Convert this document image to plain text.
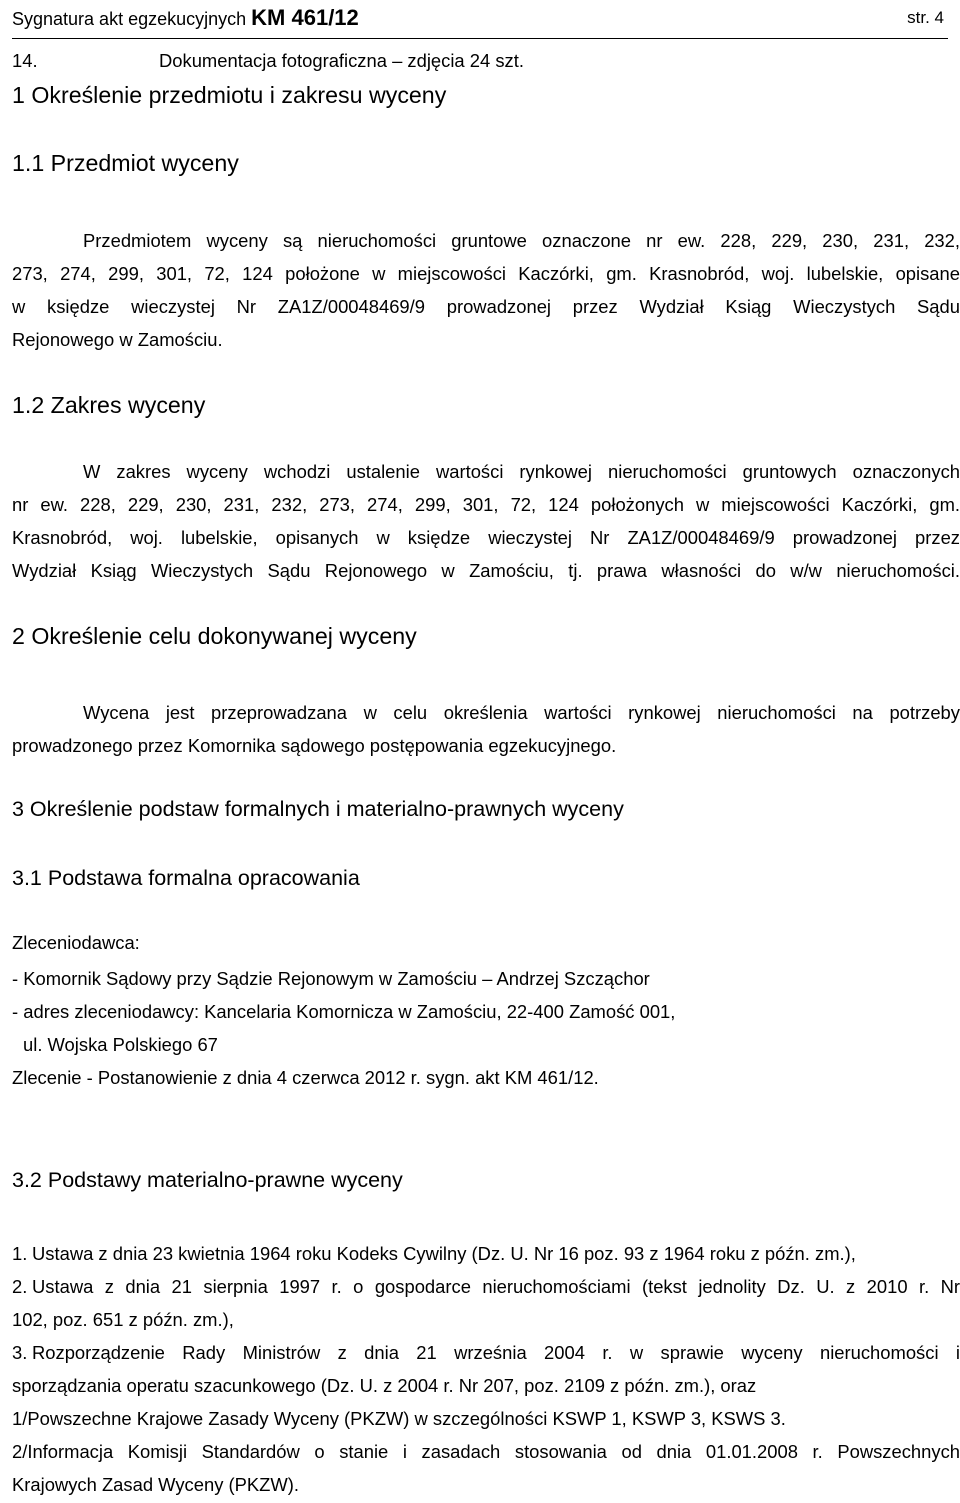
Sygnatura akt egzekucyjnych KM 461/12	str. 4
14.	Dokumentacja fotograficzna – zdjęcia 24 szt.
1 Określenie przedmiotu i zakresu wyceny
1.1 Przedmiot wyceny
Przedmiotem wyceny są nieruchomości gruntowe oznaczone nr ew. 228, 229, 230, 231, 232,
273, 274, 299, 301, 72, 124 położone w miejscowości Kaczórki, gm. Krasnobród, woj. lubelskie, opisane
w księdze wieczystej Nr ZA1Z/00048469/9 prowadzonej przez Wydział Ksiąg Wieczystych Sądu
Rejonowego w Zamościu.
1.2 Zakres wyceny
W zakres wyceny wchodzi ustalenie wartości rynkowej nieruchomości gruntowych oznaczonych
nr ew. 228, 229, 230, 231, 232, 273, 274, 299, 301, 72, 124 położonych w miejscowości Kaczórki, gm.
Krasnobród, woj. lubelskie, opisanych w księdze wieczystej Nr ZA1Z/00048469/9 prowadzonej przez
Wydział Ksiąg Wieczystych Sądu Rejonowego w Zamościu, tj. prawa własności do w/w nieruchomości.
2 Określenie celu dokonywanej wyceny
Wycena jest przeprowadzana w celu określenia wartości rynkowej nieruchomości na potrzeby
prowadzonego przez Komornika sądowego postępowania egzekucyjnego.
3 Określenie podstaw formalnych i materialno-prawnych wyceny
3.1 Podstawa formalna opracowania
Zleceniodawca:
- Komornik Sądowy przy Sądzie Rejonowym w Zamościu – Andrzej Szcząchor
- adres zleceniodawcy: Kancelaria Komornicza w Zamościu, 22-400 Zamość 001,
ul. Wojska Polskiego 67
Zlecenie - Postanowienie z dnia 4 czerwca 2012 r. sygn. akt KM 461/12.
3.2 Podstawy materialno-prawne wyceny
1. Ustawa z dnia 23 kwietnia 1964 roku Kodeks Cywilny (Dz. U. Nr 16 poz. 93 z 1964 roku z późn. zm.),
2. Ustawa z dnia 21 sierpnia 1997 r. o gospodarce nieruchomościami (tekst jednolity Dz. U. z 2010 r. Nr
102, poz. 651 z późn. zm.),
3. Rozporządzenie Rady Ministrów z dnia 21 września 2004 r. w sprawie wyceny nieruchomości i
sporządzania operatu szacunkowego (Dz. U. z 2004 r. Nr 207, poz. 2109 z późn. zm.), oraz
1/Powszechne Krajowe Zasady Wyceny (PKZW) w szczególności KSWP 1, KSWP 3, KSWS 3.
2/Informacja Komisji Standardów o stanie i zasadach stosowania od dnia 01.01.2008 r. Powszechnych
Krajowych Zasad Wyceny (PKZW).
